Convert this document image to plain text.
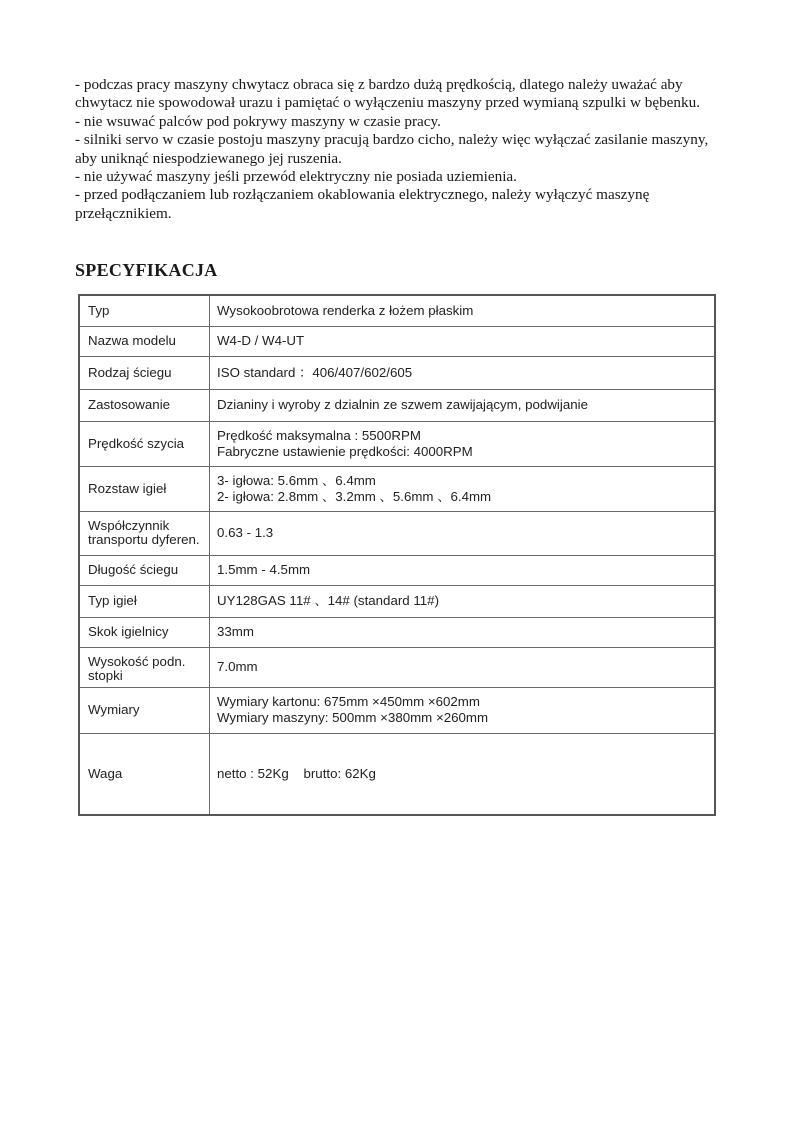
- podczas pracy maszyny chwytacz obraca się z bardzo dużą prędkością, dlatego należy uważać aby chwytacz nie spowodował urazu i pamiętać o wyłączeniu maszyny przed wymianą szpulki w bębenku.

- nie wsuwać palców pod pokrywy maszyny w czasie pracy.

- silniki servo w czasie postoju maszyny pracują bardzo cicho, należy więc wyłączać zasilanie maszyny, aby uniknąć niespodziewanego jej ruszenia.

- nie używać maszyny jeśli przewód elektryczny nie posiada uziemienia.

- przed podłączaniem lub rozłączaniem okablowania elektrycznego, należy wyłączyć maszynę przełącznikiem.

SPECYFIKACJA
Typ	Wysokoobrotowa renderka z łożem płaskim

Nazwa modelu	W4-D / W4-UT

Rodzaj ściegu	ISO standard ：406/407/602/605

Zastosowanie	Dzianiny i wyroby z dzialnin ze szwem zawijającym, podwijanie

Prędkość szycia	Prędkość maksymalna : 5500RPM
Fabryczne ustawienie prędkości: 4000RPM

Rozstaw igieł	3- igłowa: 5.6mm 、6.4mm
2- igłowa: 2.8mm 、3.2mm 、5.6mm 、6.4mm

Współczynnik transportu dyferen.	0.63 - 1.3

Długość ściegu	1.5mm - 4.5mm

Typ igieł	UY128GAS 11# 、14# (standard 11#)

Skok igielnicy	33mm

Wysokość podn. stopki	7.0mm

Wymiary	Wymiary kartonu: 675mm ×450mm ×602mm
Wymiary maszyny: 500mm ×380mm ×260mm

Waga	netto : 52Kg    brutto: 62Kg
